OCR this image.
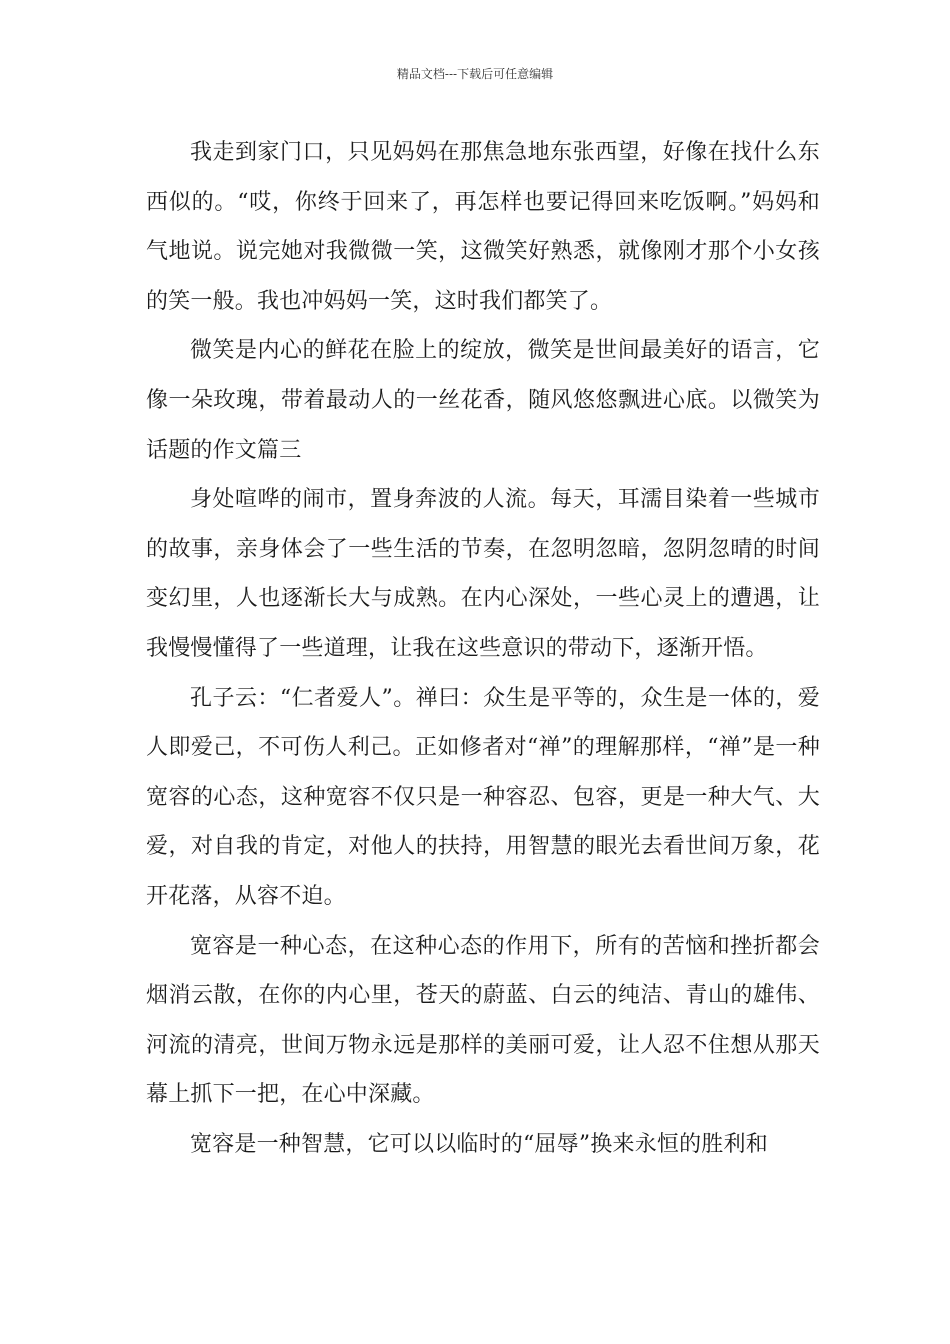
精品文档---下载后可任意编辑

我走到家门口，只见妈妈在那焦急地东张西望，好像在找什么东西似的。“哎，你终于回来了，再怎样也要记得回来吃饭啊。”妈妈和气地说。说完她对我微微一笑，这微笑好熟悉，就像刚才那个小女孩的笑一般。我也冲妈妈一笑，这时我们都笑了。

微笑是内心的鲜花在脸上的绽放，微笑是世间最美好的语言，它像一朵玫瑰，带着最动人的一丝花香，随风悠悠飘进心底。以微笑为话题的作文篇三

身处喧哗的闹市，置身奔波的人流。每天，耳濡目染着一些城市的故事，亲身体会了一些生活的节奏，在忽明忽暗，忽阴忽晴的时间变幻里，人也逐渐长大与成熟。在内心深处，一些心灵上的遭遇，让我慢慢懂得了一些道理，让我在这些意识的带动下，逐渐开悟。

孔子云：“仁者爱人”。禅曰：众生是平等的，众生是一体的，爱人即爱己，不可伤人利己。正如修者对“禅”的理解那样，“禅”是一种宽容的心态，这种宽容不仅只是一种容忍、包容，更是一种大气、大爱，对自我的肯定，对他人的扶持，用智慧的眼光去看世间万象，花开花落，从容不迫。

宽容是一种心态，在这种心态的作用下，所有的苦恼和挫折都会烟消云散，在你的内心里，苍天的蔚蓝、白云的纯洁、青山的雄伟、河流的清亮，世间万物永远是那样的美丽可爱，让人忍不住想从那天幕上抓下一把，在心中深藏。

宽容是一种智慧，它可以以临时的“屈辱”换来永恒的胜利和
